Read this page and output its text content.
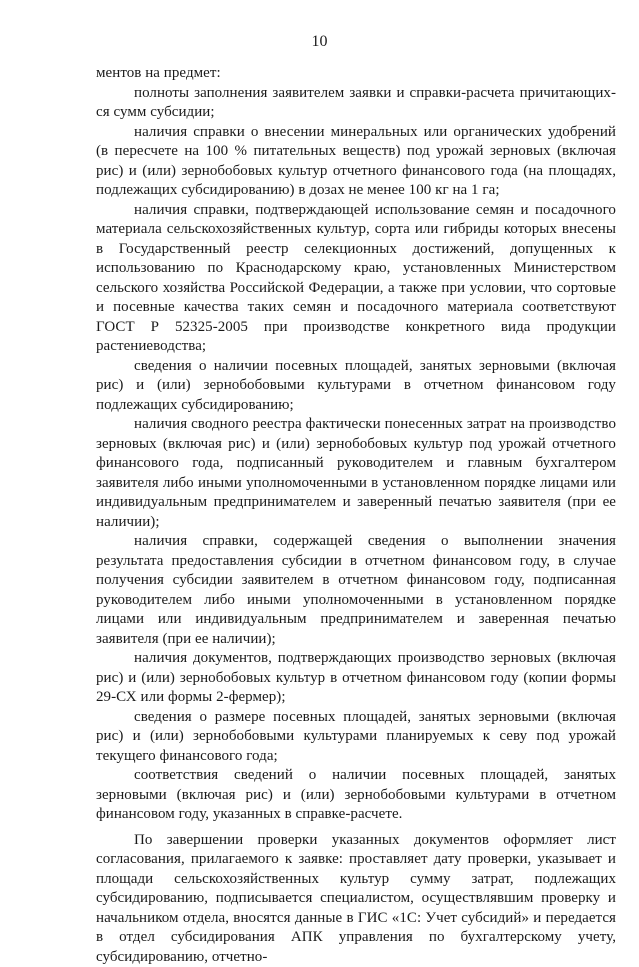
10

ментов на предмет:

полноты заполнения заявителем заявки и справки-расчета причитающих-ся сумм субсидии;

наличия справки о внесении минеральных или органических удобрений (в пересчете на 100 % питательных веществ) под урожай зерновых (включая рис) и (или) зернобобовых культур отчетного финансового года (на площадях, подлежащих субсидированию) в дозах не менее 100 кг на 1 га;

наличия справки, подтверждающей использование семян и посадочного материала сельскохозяйственных культур, сорта или гибриды которых внесены в Государственный реестр селекционных достижений, допущенных к использованию по Краснодарскому краю, установленных Министерством сельского хозяйства Российской Федерации, а также при условии, что сортовые и посевные качества таких семян и посадочного материала соответствуют ГОСТ Р 52325-2005 при производстве конкретного вида продукции растениеводства;

сведения о наличии посевных площадей, занятых зерновыми (включая рис) и (или) зернобобовыми культурами в отчетном финансовом году подлежащих субсидированию;

наличия сводного реестра фактически понесенных затрат на производство зерновых (включая рис) и (или) зернобобовых культур под урожай отчетного финансового года, подписанный руководителем и главным бухгалтером заявителя либо иными уполномоченными в установленном порядке лицами или индивидуальным предпринимателем и заверенный печатью заявителя (при ее наличии);

наличия справки, содержащей сведения о выполнении значения результата предоставления субсидии в отчетном финансовом году, в случае получения субсидии заявителем в отчетном финансовом году, подписанная руководителем либо иными уполномоченными в установленном порядке лицами или индивидуальным предпринимателем и заверенная печатью заявителя (при ее наличии);

наличия документов, подтверждающих производство зерновых (включая рис) и (или) зернобобовых культур в отчетном финансовом году (копии формы 29-СХ или формы 2-фермер);

сведения о размере посевных площадей, занятых зерновыми (включая рис) и (или) зернобобовыми культурами планируемых к севу под урожай текущего финансового года;

соответствия сведений о наличии посевных площадей, занятых зерновыми (включая рис) и (или) зернобобовыми культурами в отчетном финансовом году, указанных в справке-расчете.

По завершении проверки указанных документов оформляет лист согласования, прилагаемого к заявке: проставляет дату проверки, указывает и площади сельскохозяйственных культур сумму затрат, подлежащих субсидированию, подписывается специалистом, осуществлявшим проверку и начальником отдела, вносятся данные в ГИС «1С: Учет субсидий» и передается в отдел субсидирования АПК управления по бухгалтерскому учету, субсидированию, отчетно-
